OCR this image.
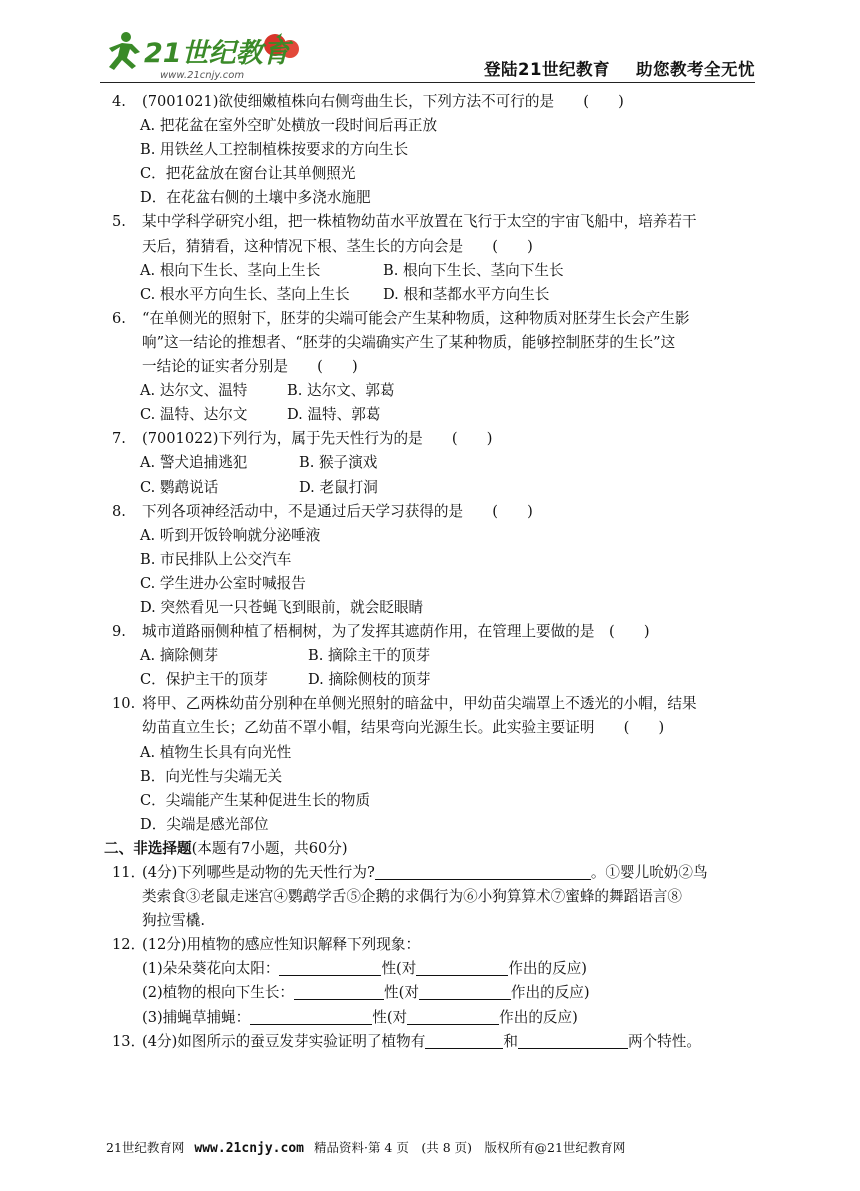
21世纪教育
www.21cnjy.com	登陆21世纪教育 助您教考全无忧
4. (7001021)欲使细嫩植株向右侧弯曲生长，下列方法不可行的是　　(　　)
A. 把花盆在室外空旷处横放一段时间后再正放
B. 用铁丝人工控制植株按要求的方向生长
C．把花盆放在窗台让其单侧照光
D．在花盆右侧的土壤中多浇水施肥
5. 某中学科学研究小组，把一株植物幼苗水平放置在飞行于太空的宇宙飞船中，培养若干
天后，猜猜看，这种情况下根、茎生长的方向会是　　(　　)
A. 根向下生长、茎向上生长	B. 根向下生长、茎向下生长
C. 根水平方向生长、茎向上生长 D. 根和茎都水平方向生长
6. “在单侧光的照射下，胚芽的尖端可能会产生某种物质，这种物质对胚芽生长会产生影
响”这一结论的推想者、“胚芽的尖端确实产生了某种物质，能够控制胚芽的生长”这
一结论的证实者分别是　　(　　)
A. 达尔文、温特	B. 达尔文、郭葛
C. 温特、达尔文	D. 温特、郭葛
7. (7001022)下列行为，属于先天性行为的是　　(　　)
A. 警犬追捕逃犯	B. 猴子演戏
C. 鹦鹉说话	D. 老鼠打洞
8. 下列各项神经活动中，不是通过后天学习获得的是　　(　　)
A. 听到开饭铃响就分泌唾液
B. 市民排队上公交汽车
C. 学生进办公室时喊报告
D. 突然看见一只苍蝇飞到眼前，就会眨眼睛
9. 城市道路丽侧种植了梧桐树，为了发挥其遮荫作用，在管理上要做的是　(　　)
A. 摘除侧芽	B. 摘除主干的顶芽
C．保护主干的顶芽	D. 摘除侧枝的顶芽
10. 将甲、乙两株幼苗分别种在单侧光照射的暗盆中，甲幼苗尖端罩上不透光的小帽，结果
幼苗直立生长；乙幼苗不罩小帽，结果弯向光源生长。此实验主要证明　　(　　)
A. 植物生长具有向光性
B．向光性与尖端无关
C．尖端能产生某种促进生长的物质
D．尖端是感光部位
二、非选择题(本题有7小题，共60分)
11．(4分)下列哪些是动物的先天性行为?	。①婴儿吮奶②鸟
类索食③老鼠走迷宫④鹦鹉学舌⑤企鹅的求偶行为⑥小狗算算术⑦蜜蜂的舞蹈语言⑧
狗拉雪橇.
12．(12分)用植物的感应性知识解释下列现象：
(1)朵朵葵花向太阳：	性(对	作出的反应)
(2)植物的根向下生长：	性(对	作出的反应)
(3)捕蝇草捕蝇：	性(对	作出的反应)
13．(4分)如图所示的蚕豆发芽实验证明了植物有	和	两个特性。
21世纪教育网 www.21cnjy.com 精品资料·第 4 页　(共 8 页)　版权所有@21世纪教育网
